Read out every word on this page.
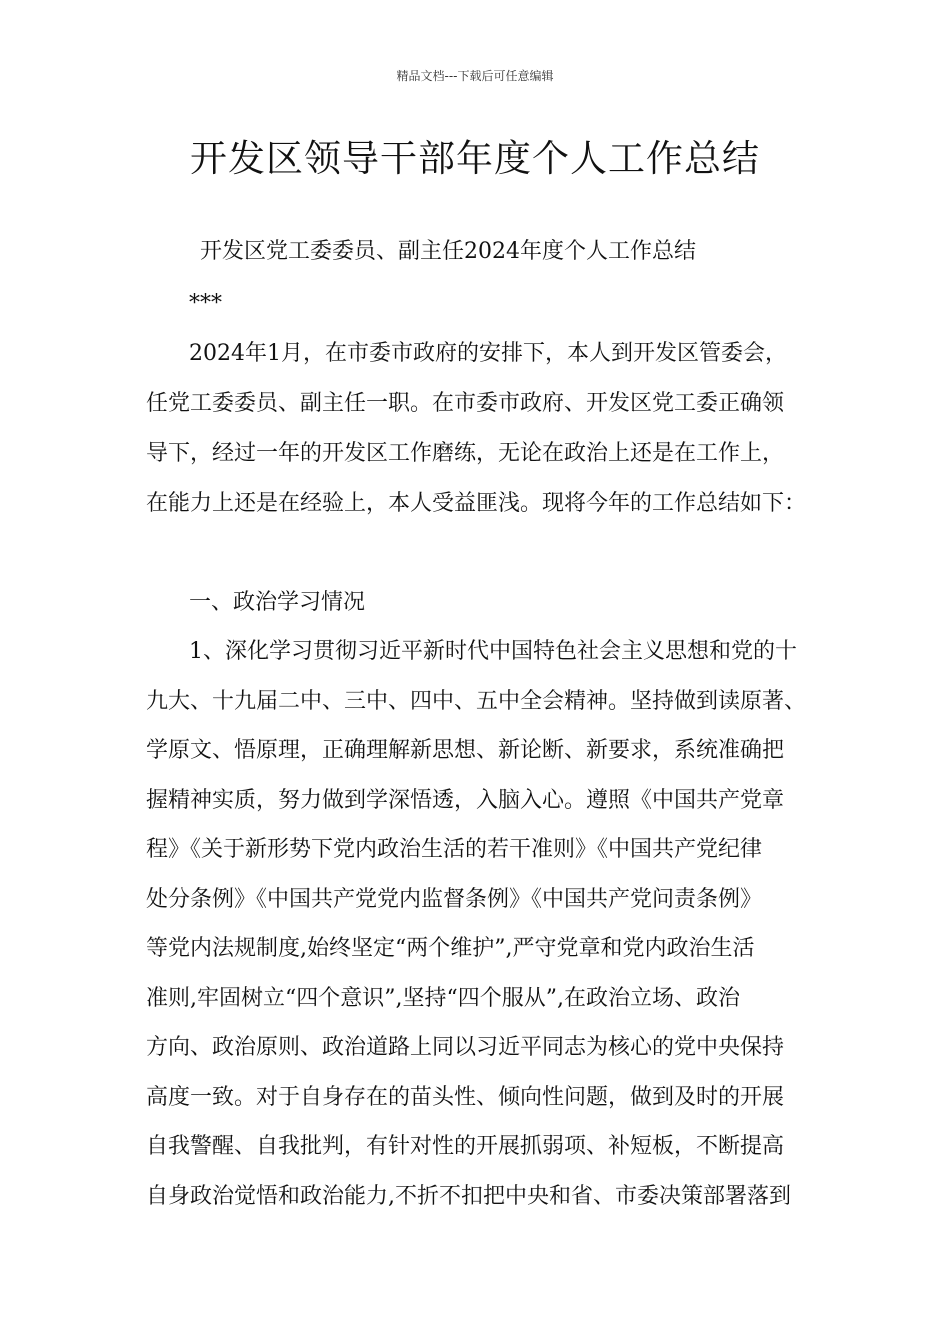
精品文档---下载后可任意编辑
开发区领导干部年度个人工作总结
开发区党工委委员、副主任2024年度个人工作总结
***
2024年1月，在市委市政府的安排下，本人到开发区管委会，
任党工委委员、副主任一职。在市委市政府、开发区党工委正确领
导下，经过一年的开发区工作磨练，无论在政治上还是在工作上，
在能力上还是在经验上，本人受益匪浅。现将今年的工作总结如下：
一、政治学习情况
1、深化学习贯彻习近平新时代中国特色社会主义思想和党的十
九大、十九届二中、三中、四中、五中全会精神。坚持做到读原著、
学原文、悟原理，正确理解新思想、新论断、新要求，系统准确把
握精神实质，努力做到学深悟透，入脑入心。遵照《中国共产党章
程》《关于新形势下党内政治生活的若干准则》《中国共产党纪律
处分条例》《中国共产党党内监督条例》《中国共产党问责条例》
等党内法规制度,始终坚定“两个维护”,严守党章和党内政治生活
准则,牢固树立“四个意识”,坚持“四个服从”,在政治立场、政治
方向、政治原则、政治道路上同以习近平同志为核心的党中央保持
高度一致。对于自身存在的苗头性、倾向性问题，做到及时的开展
自我警醒、自我批判，有针对性的开展抓弱项、补短板，不断提高
自身政治觉悟和政治能力,不折不扣把中央和省、市委决策部署落到
